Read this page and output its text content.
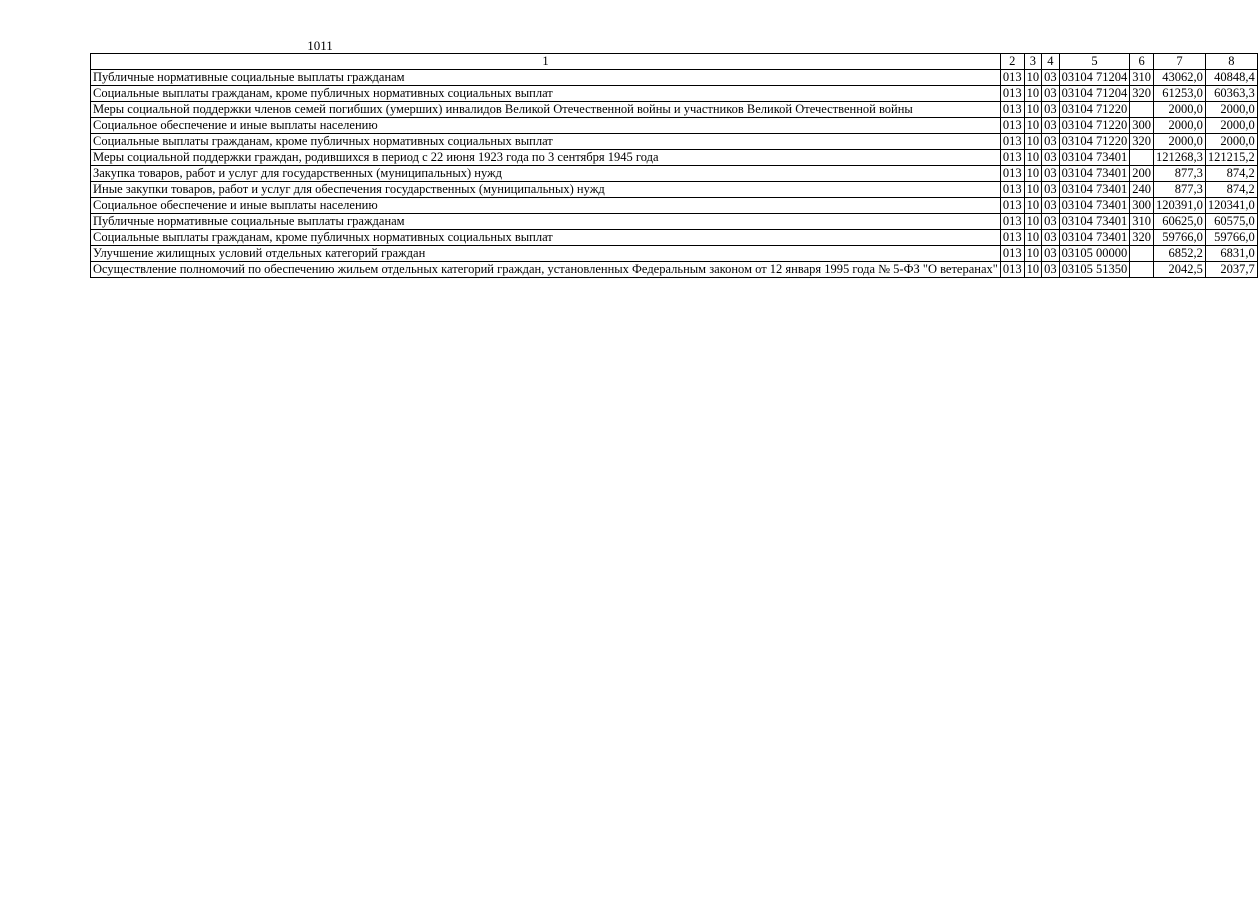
1011
1	2	3	4	5	6	7	8
Публичные нормативные социальные выплаты гражданам	013	10	03	03104 71204	310	43062,0	40848,4
Социальные выплаты гражданам, кроме публичных нормативных социальных выплат	013	10	03	03104 71204	320	61253,0	60363,3
Меры социальной поддержки членов семей погибших (умерших) инвалидов Великой Отечественной войны и участников Великой Отечественной войны	013	10	03	03104 71220		2000,0	2000,0
Социальное обеспечение и иные выплаты населению	013	10	03	03104 71220	300	2000,0	2000,0
Социальные выплаты гражданам, кроме публичных нормативных социальных выплат	013	10	03	03104 71220	320	2000,0	2000,0
Меры социальной поддержки граждан, родившихся в период с 22 июня 1923 года по 3 сентября 1945 года	013	10	03	03104 73401		121268,3	121215,2
Закупка товаров, работ и услуг для государственных (муниципальных) нужд	013	10	03	03104 73401	200	877,3	874,2
Иные закупки товаров, работ и услуг для обеспечения государственных (муниципальных) нужд	013	10	03	03104 73401	240	877,3	874,2
Социальное обеспечение и иные выплаты населению	013	10	03	03104 73401	300	120391,0	120341,0
Публичные нормативные социальные выплаты гражданам	013	10	03	03104 73401	310	60625,0	60575,0
Социальные выплаты гражданам, кроме публичных нормативных социальных выплат	013	10	03	03104 73401	320	59766,0	59766,0
Улучшение жилищных условий отдельных категорий граждан	013	10	03	03105 00000		6852,2	6831,0
Осуществление полномочий по обеспечению жильем отдельных категорий граждан, установленных Федеральным законом от 12 января 1995 года № 5-ФЗ "О ветеранах"	013	10	03	03105 51350		2042,5	2037,7
